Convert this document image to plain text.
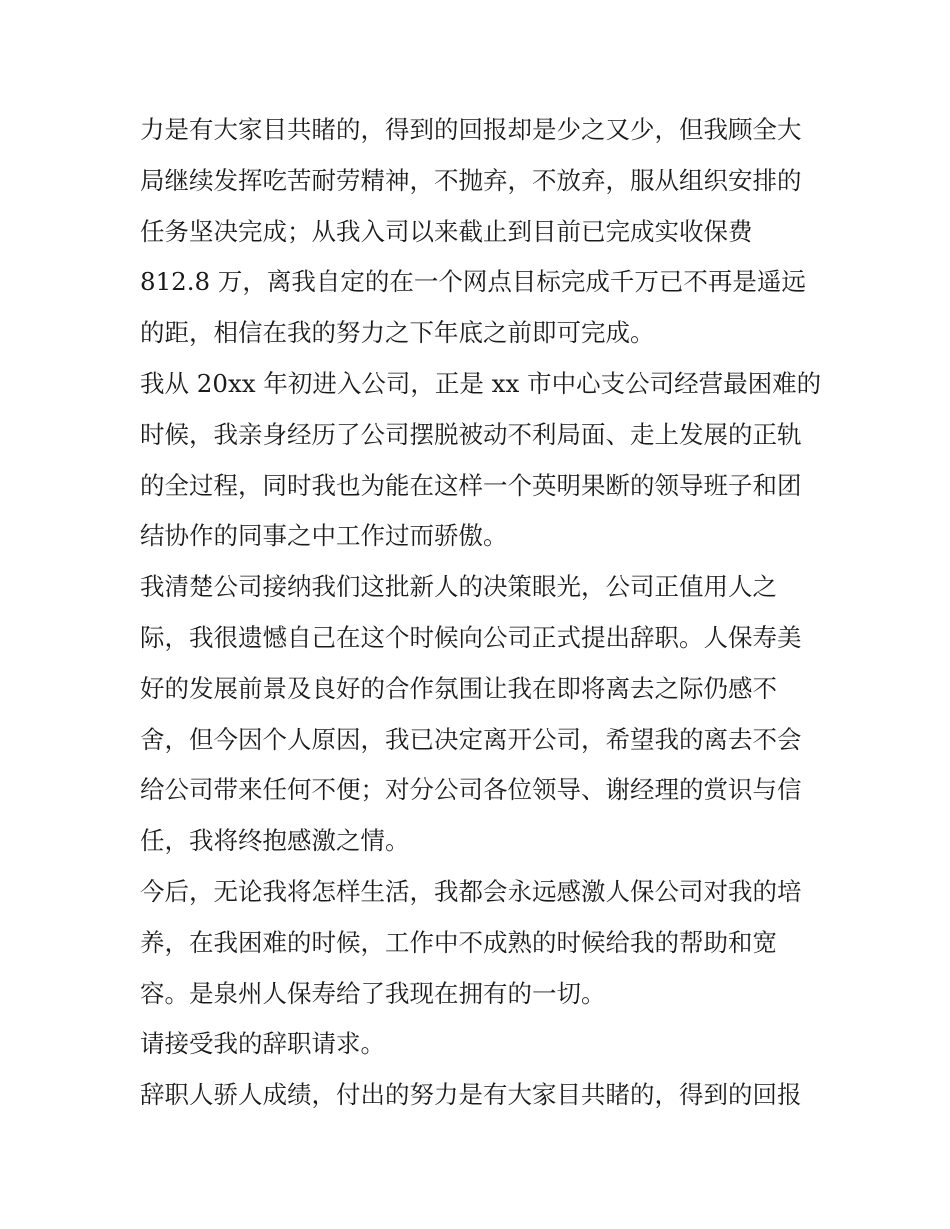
力是有大家目共睹的，得到的回报却是少之又少，但我顾全大
局继续发挥吃苦耐劳精神，不抛弃，不放弃，服从组织安排的
任务坚决完成；从我入司以来截止到目前已完成实收保费
812.8 万，离我自定的在一个网点目标完成千万已不再是遥远
的距，相信在我的努力之下年底之前即可完成。
我从 20xx 年初进入公司，正是 xx 市中心支公司经营最困难的
时候，我亲身经历了公司摆脱被动不利局面、走上发展的正轨
的全过程，同时我也为能在这样一个英明果断的领导班子和团
结协作的同事之中工作过而骄傲。
我清楚公司接纳我们这批新人的决策眼光，公司正值用人之
际，我很遗憾自己在这个时候向公司正式提出辞职。人保寿美
好的发展前景及良好的合作氛围让我在即将离去之际仍感不
舍，但今因个人原因，我已决定离开公司，希望我的离去不会
给公司带来任何不便；对分公司各位领导、谢经理的赏识与信
任，我将终抱感激之情。
今后，无论我将怎样生活，我都会永远感激人保公司对我的培
养，在我困难的时候，工作中不成熟的时候给我的帮助和宽
容。是泉州人保寿给了我现在拥有的一切。
请接受我的辞职请求。
辞职人骄人成绩，付出的努力是有大家目共睹的，得到的回报
